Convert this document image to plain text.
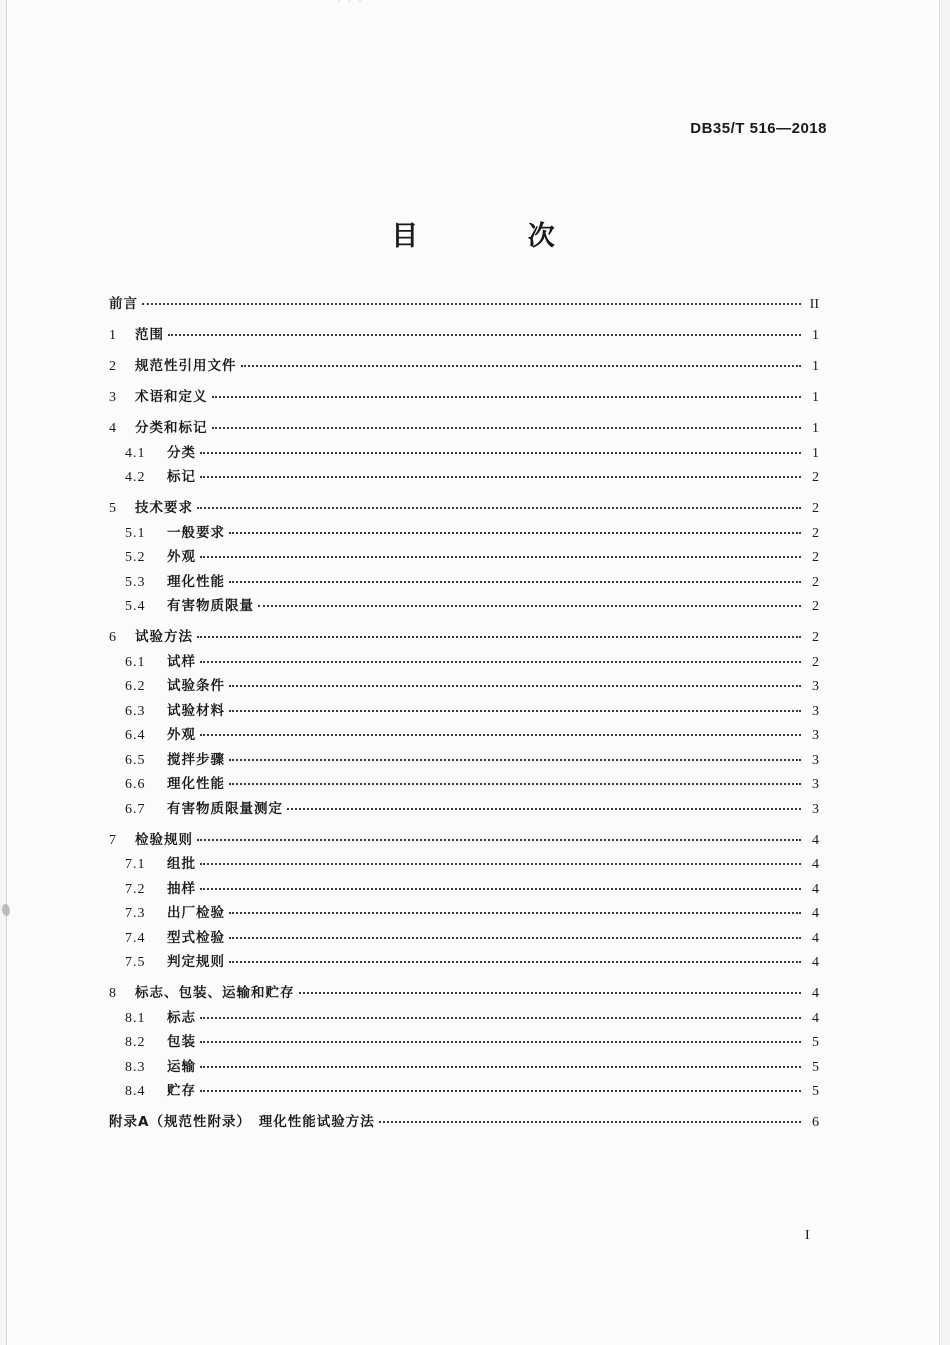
˘ ˘ ˘
DB35/T 516—2018
目 次
前言	II
1	范围	1
2	规范性引用文件	1
3	术语和定义	1
4	分类和标记	1
4.1	分类	1
4.2	标记	2
5	技术要求	2
5.1	一般要求	2
5.2	外观	2
5.3	理化性能	2
5.4	有害物质限量	2
6	试验方法	2
6.1	试样	2
6.2	试验条件	3
6.3	试验材料	3
6.4	外观	3
6.5	搅拌步骤	3
6.6	理化性能	3
6.7	有害物质限量测定	3
7	检验规则	4
7.1	组批	4
7.2	抽样	4
7.3	出厂检验	4
7.4	型式检验	4
7.5	判定规则	4
8	标志、包装、运输和贮存	4
8.1	标志	4
8.2	包装	5
8.3	运输	5
8.4	贮存	5
附录A（规范性附录）　理化性能试验方法	6
I
